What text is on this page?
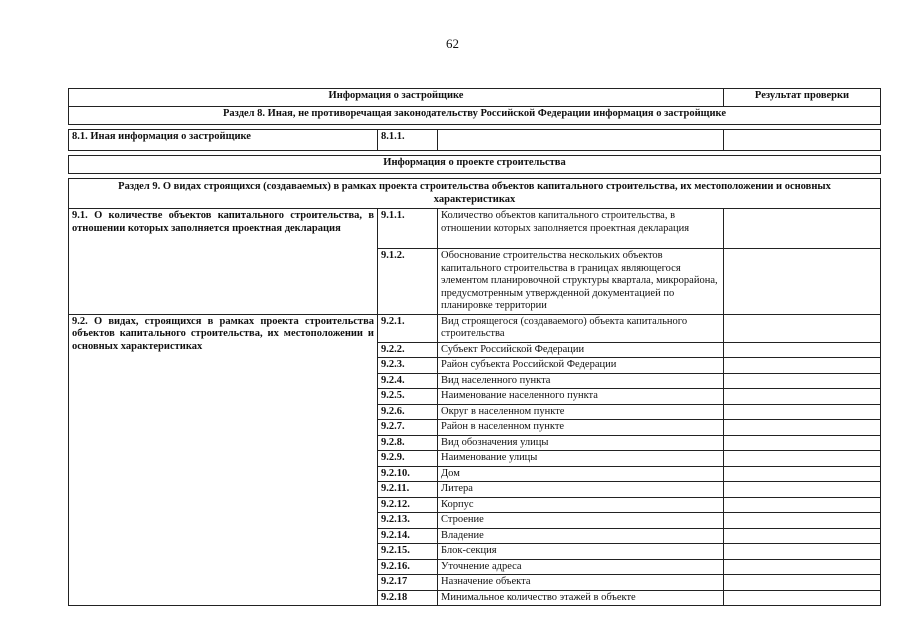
62
Информация о застройщике			Результат проверки
Раздел 8. Иная, не противоречащая законодательству Российской Федерации информация о застройщике			

8.1. Иная информация о застройщике	8.1.1.		

Информация о проекте строительства			

Раздел 9. О видах строящихся (создаваемых) в рамках проекта строительства объектов капитального строительства, их местоположении и основных характеристиках			
9.1. О количестве объектов капитального строительства, в отношении которых заполняется проектная декларация	9.1.1.	Количество объектов капитального строительства, в отношении которых заполняется проектная декларация	
	9.1.2.	Обоснование строительства нескольких объектов капитального строительства в границах являющегося элементом планировочной структуры квартала, микрорайона, предусмотренным утвержденной документацией по планировке территории	
9.2. О видах, строящихся в рамках проекта строительства объектов капитального строительства, их местоположении и основных характеристиках	9.2.1.	Вид строящегося (создаваемого) объекта капитального строительства	
	9.2.2.	Субъект Российской Федерации	
	9.2.3.	Район субъекта Российской Федерации	
	9.2.4.	Вид населенного пункта	
	9.2.5.	Наименование населенного пункта	
	9.2.6.	Округ в населенном пункте	
	9.2.7.	Район в населенном пункте	
	9.2.8.	Вид обозначения улицы	
	9.2.9.	Наименование улицы	
	9.2.10.	Дом	
	9.2.11.	Литера	
	9.2.12.	Корпус	
	9.2.13.	Строение	
	9.2.14.	Владение	
	9.2.15.	Блок-секция	
	9.2.16.	Уточнение адреса	
	9.2.17	Назначение объекта	
	9.2.18	Минимальное количество этажей в объекте	
